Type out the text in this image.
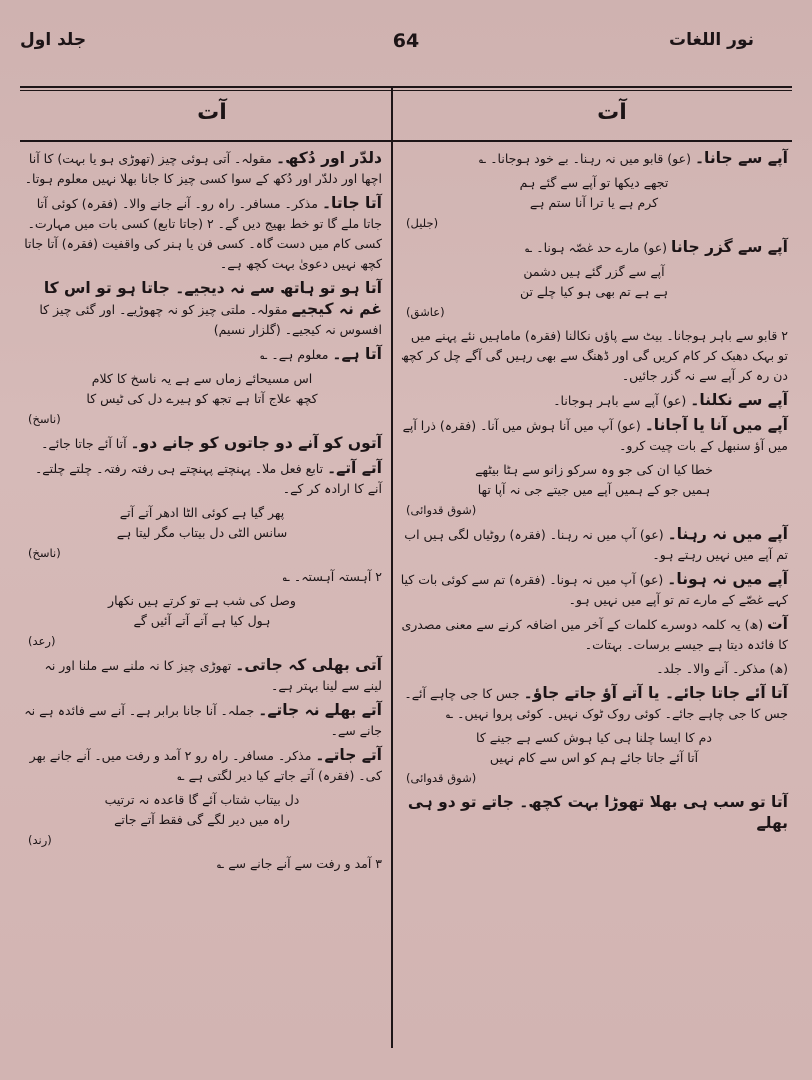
نور اللغات
64
جلد اول
آت
آت
آپے سے جانا۔ (عو) قابو میں نہ رہنا۔ بے خود ہوجانا۔ ؎
تجھے دیکھا تو آپے سے گئے ہم
کرم ہے یا ترا آنا ستم ہے
(جلیل)
آپے سے گزر جانا (عو) مارے حد غصّہ ہونا۔ ؎
آپے سے گزر گئے ہیں دشمن
ہے ہے تم بھی ہو کیا چلے تن
(عاشق)
۲ قابو سے باہر ہوجانا۔ بیٹ سے پاؤں نکالنا (فقرہ) ماماہیں نئے پہنے میں تو بہک دھبک کر کام کریں گی اور ڈھنگ سے بھی رہیں گی آگے چل کر کچھ دن رہ کر آپے سے نہ گزر جائیں۔
آپے سے نکلنا۔ (عو) آپے سے باہر ہوجانا۔
آپے میں آنا یا آجانا۔ (عو) آپ میں آنا ہوش میں آنا۔ (فقرہ) ذرا آپے میں آؤ سنبھل کے بات چیت کرو۔
خطا کیا ان کی جو وہ سرکو زانو سے ہٹا بیٹھے
ہمیں جو کے ہمیں آپے میں جیتے جی نہ آپا تھا
(شوق قدوائی)
آپے میں نہ رہنا۔ (عو) آپ میں نہ رہنا۔ (فقرہ) روٹیاں لگی ہیں اب تم آپے میں نہیں رہتے ہو۔
آپے میں نہ ہونا۔ (عو) آپ میں نہ ہونا۔ (فقرہ) تم سے کوئی بات کیا کہے غصّے کے مارے تم تو آپے میں نہیں ہو۔
آت (ھ) یہ کلمہ دوسرے کلمات کے آخر میں اضافہ کرنے سے معنی مصدری کا فائدہ دیتا ہے جیسے برسات۔ بہتات۔
(ھ) مذکر۔ آنے والا۔ جلد۔
آتا آئے جاتا جائے۔ یا آتے آؤ جاتے جاؤ۔ جس کا جی چاہے آئے۔ جس کا جی چاہے جائے۔ کوئی روک ٹوک نہیں۔ کوئی پروا نہیں۔ ؎
دم کا ایسا چلنا ہی کیا ہوش کسے ہے جینے کا
آتا آئے جاتا جائے ہم کو اس سے کام نہیں
(شوق قدوائی)
آتا تو سب ہی بھلا تھوڑا بہت کچھ۔ جاتے تو دو ہی بھلے
دلدّر اور دُکھ۔ مقولہ۔ آتی ہوئی چیز (تھوڑی ہو یا بہت) کا آنا اچھا اور دلدّر اور دُکھ کے سوا کسی چیز کا جانا بھلا نہیں معلوم ہوتا۔
آتا جاتا۔ مذکر۔ مسافر۔ راہ رو۔ آنے جانے والا۔ (فقرہ) کوئی آتا جاتا ملے گا تو خط بھیج دیں گے۔ ۲ (جاتا تابع) کسی بات میں مہارت۔ کسی کام میں دست گاہ۔ کسی فن یا ہنر کی واقفیت (فقرہ) آتا جاتا کچھ نہیں دعویٰ بہت کچھ ہے۔
آتا ہو تو ہاتھ سے نہ دیجیے۔ جاتا ہو تو اس کا غم نہ کیجیے مقولہ۔ ملتی چیز کو نہ چھوڑیے۔ اور گئی چیز کا افسوس نہ کیجیے۔ (گلزار نسیم)
آتا ہے۔ معلوم ہے۔ ؎
اس مسیحائے زماں سے ہے یہ ناسخ کا کلام
کچھ علاج آتا ہے تجھ کو ہیرے دل کی ٹیس کا
(ناسخ)
آتوں کو آنے دو جاتوں کو جانے دو۔ آتا آئے جاتا جائے۔
آتے آتے۔ تابع فعل ملا۔ پہنچتے پہنچتے ہی رفتہ رفتہ۔ چلتے چلتے۔ آنے کا ارادہ کر کے۔
پھر گیا ہے کوئی الٹا ادھر آتے آتے
سانس الٹی دل بیتاب مگر لیتا ہے
(ناسخ)
۲ آہستہ آہستہ۔ ؎
وصل کی شب ہے تو کرتے ہیں نکھار
ہول کیا ہے آتے آتے آئیں گے
(رعد)
آتی بھلی کہ جاتی۔ تھوڑی چیز کا نہ ملنے سے ملنا اور نہ لینے سے لینا بہتر ہے۔
آتے بھلے نہ جاتے۔ جملہ۔ آنا جانا برابر ہے۔ آنے سے فائدہ ہے نہ جانے سے۔
آتے جاتے۔ مذکر۔ مسافر۔ راہ رو ۲ آمد و رفت میں۔ آنے جانے بھر کی۔ (فقرہ) آتے جاتے کیا دیر لگتی ہے ؎
دل بیتاب شتاب آئے گا قاعدہ نہ ترتیب
راہ میں دیر لگے گی فقط آتے جاتے
(رند)
۳ آمد و رفت سے آنے جانے سے ؎
